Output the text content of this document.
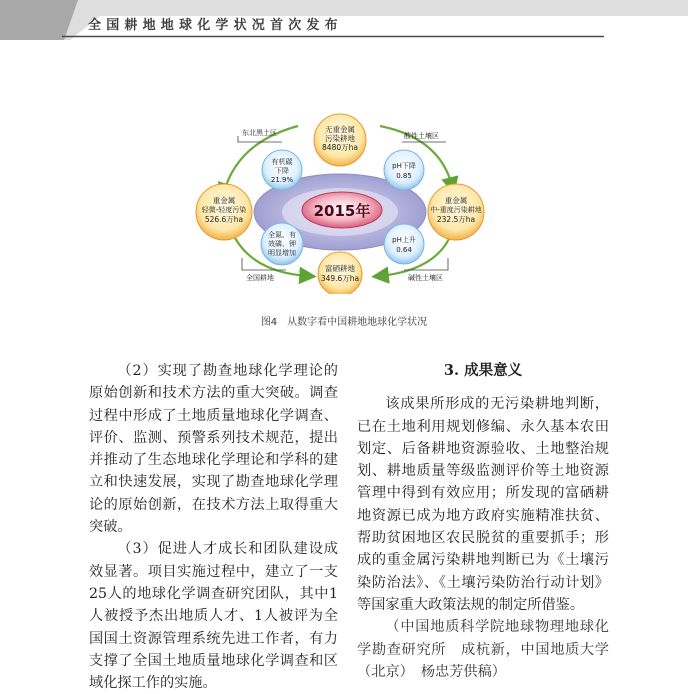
全国耕地地球化学状况首次发布
2015年
无重金属
污染耕地
8480万ha
重金属
轻微-轻度污染
526.6万ha
重金属
中-重度污染耕地
232.5万ha
富硒耕地
349.6万ha
有机碳
下降
21.9%
pH下降
0.85
全氮、有
效磷、钾
明显增加
pH上升
0.64
东北黑土区	酸性土壤区
全国耕地	碱性土壤区
图4　从数字看中国耕地地球化学状况

（2）实现了勘查地球化学理论的原始创新和技术方法的重大突破。调查过程中形成了土地质量地球化学调查、评价、监测、预警系列技术规范，提出并推动了生态地球化学理论和学科的建立和快速发展，实现了勘查地球化学理论的原始创新，在技术方法上取得重大突破。

（3）促进人才成长和团队建设成效显著。项目实施过程中，建立了一支25人的地球化学调查研究团队，其中1人被授予杰出地质人才、1人被评为全国国土资源管理系统先进工作者，有力支撑了全国土地质量地球化学调查和区域化探工作的实施。

3. 成果意义

该成果所形成的无污染耕地判断，已在土地利用规划修编、永久基本农田划定、后备耕地资源验收、土地整治规划、耕地质量等级监测评价等土地资源管理中得到有效应用；所发现的富硒耕地资源已成为地方政府实施精准扶贫、帮助贫困地区农民脱贫的重要抓手；形成的重金属污染耕地判断已为《土壤污染防治法》、《土壤污染防治行动计划》等国家重大政策法规的制定所借鉴。

（中国地质科学院地球物理地球化学勘查研究所　成杭新，中国地质大学（北京）　杨忠芳供稿）
